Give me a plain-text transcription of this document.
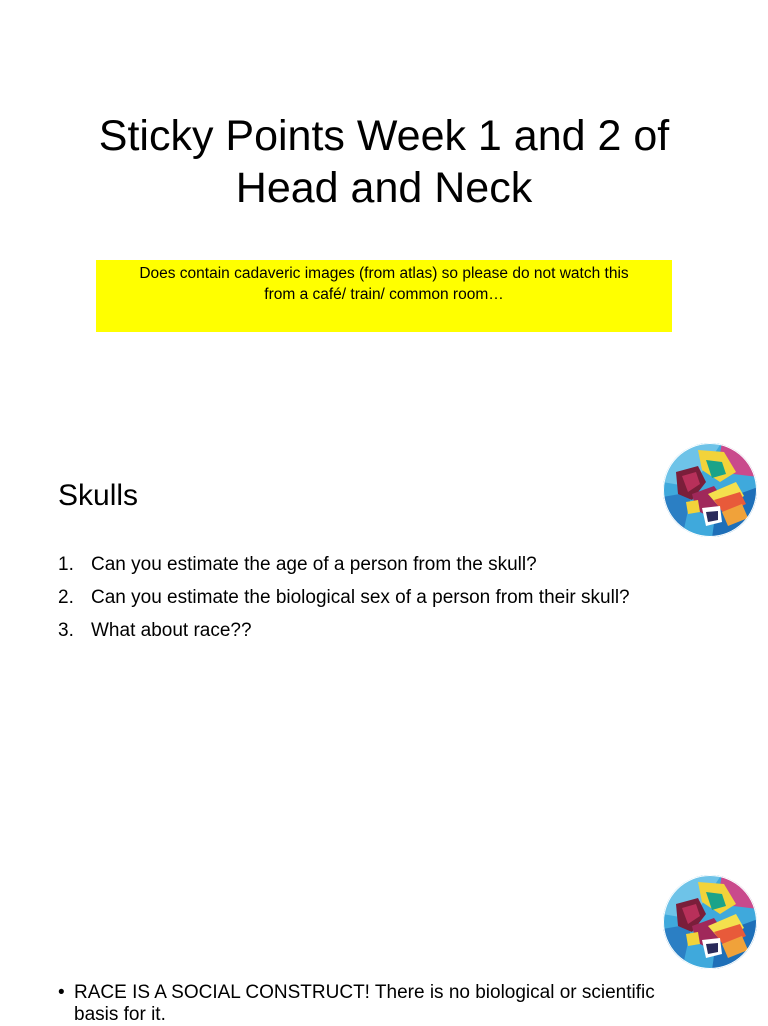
Sticky Points Week 1 and 2 of
Head and Neck
Does contain cadaveric images (from atlas) so please do not watch this
from a café/ train/ common room…
Skulls
1. Can you estimate the age of a person from the skull?
2. Can you estimate the biological sex of a person from their skull?
3. What about race??
• RACE IS A SOCIAL CONSTRUCT! There is no biological or scientific basis for it.
